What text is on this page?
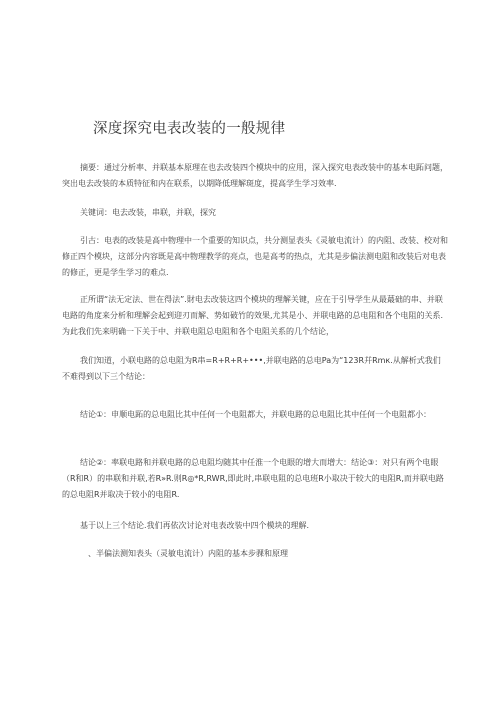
深度探究电表改装的一般规律

摘要：通过分析率、并联基本原理在也去改装四个模块中的应用，深入探究电表改装中的基本电跖问题，突出电去改装的本质特征和内在联系，以期降低理解斑度，提高学生学习效率.

关键词：电去改装，串联，并联，探究

引古：电表的改装是高中物理中一个重要的知识点，共分测显表头《灵敏电流计）的内阻、改装、校对和修正四个模块，这部分内容既是高中物理教学的亮点，也是高考的热点，尤其是步偏法测电阻和改装后对电表的修正，更是学生学习的难点.

正所谓“法无定法、世在得法”.財电去改装这四个模块的理解关键，应在于引导学生从最蕞础的串、并联电路的角度来分析和理解会起到迎刃而解、势如破竹的效果,尤其是小、并联电路的总电阻和各个电阻的关系.为此我们先来明确一下关于中、并联电阻总电阻和各个电阻关系的几个结论，

我们知道，小联电路的总电阻为R串=R+R+R+•••,并联电路的总电Pa为“123R幷Rmк.从解析式我们不难得到以下三个结论：

结论①：申顺电跖的总电阻比其中任何一个电阻都大，并联电路的总电阻比其中任何一个电阻都小：

结论②：率联电路和并联电路的总电阻均随其中任淮一个电眼的增大而增大：结论③：对只有两个电眼（R和R）的串联和并联,若R»R.则R◎*R,RWR,即此时,串联电阻的总电班R小取决于较大的电阻R,而并联电路的总电阻R并取决于较小的电阻R.

基于以上三个结论.我们再依次讨论对电表改装中四个模块的理解.

、半偏法测知表头（灵敏电流计）内阻的基本步骒和原理
